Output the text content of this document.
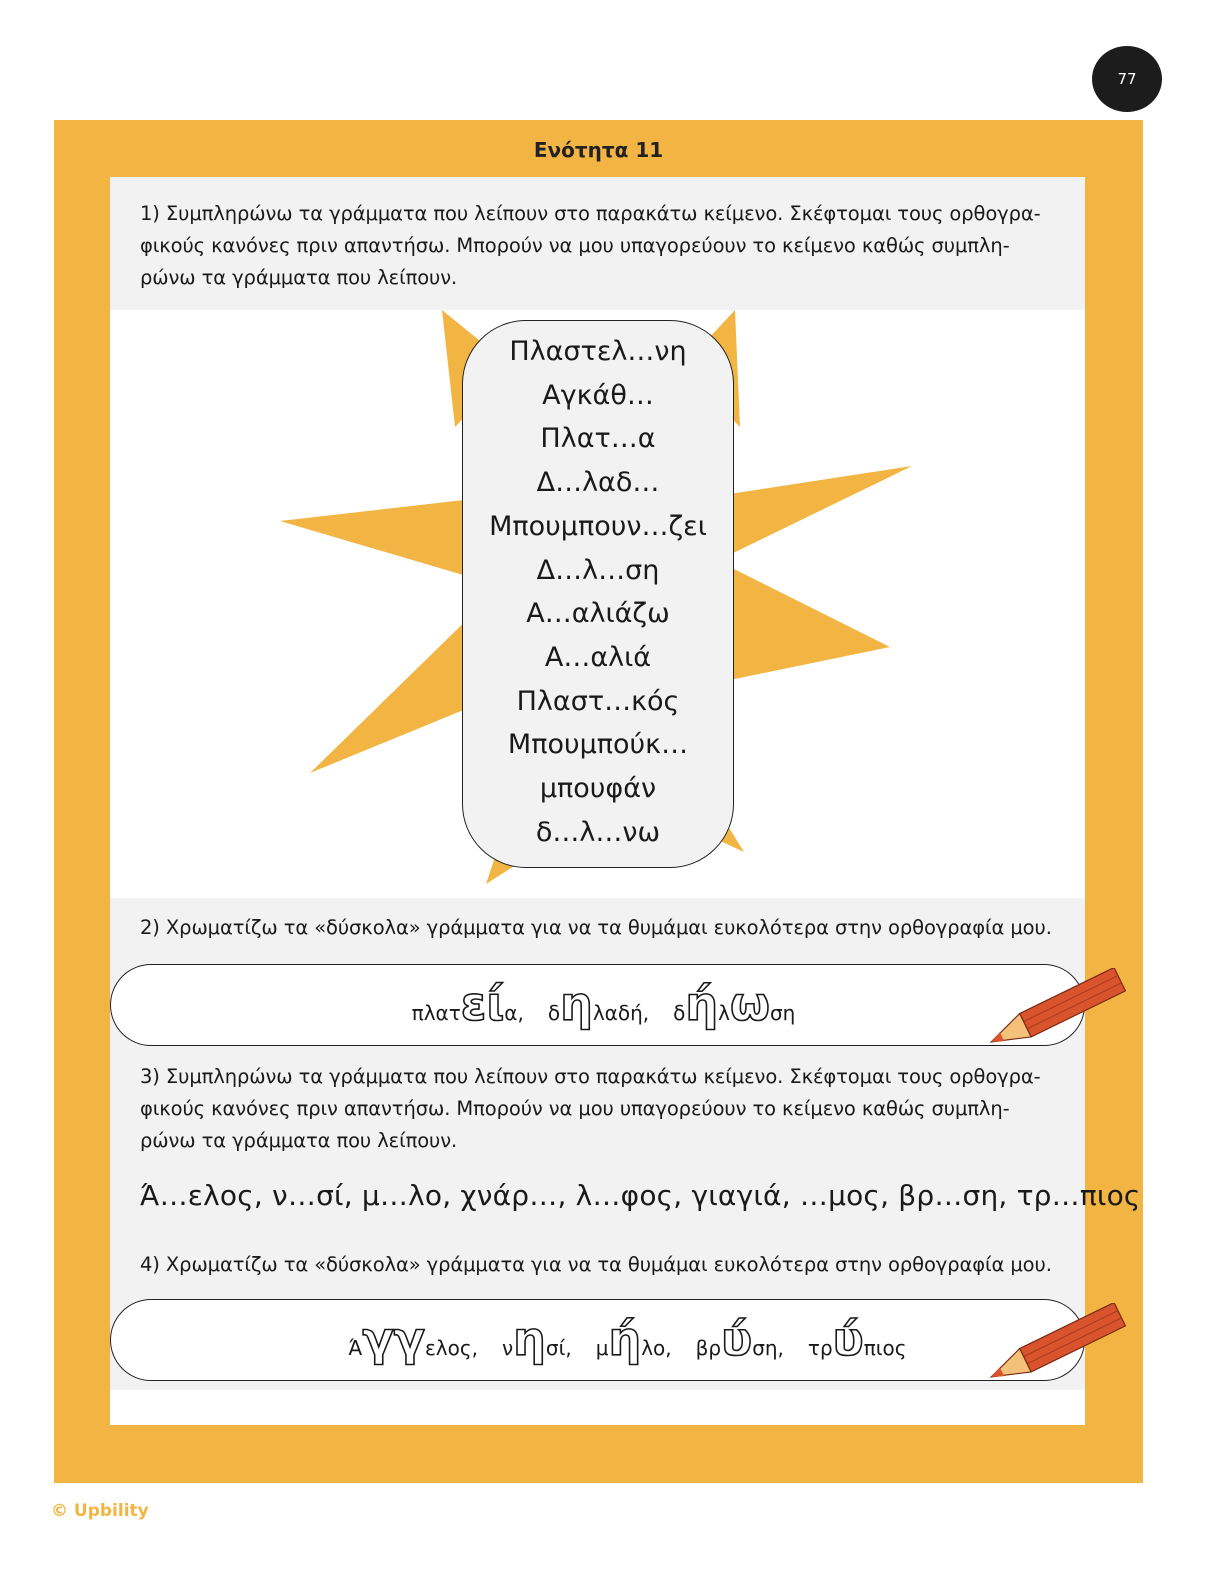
77
Ενότητα 11
1) Συμπληρώνω τα γράμματα που λείπουν στο παρακάτω κείμενο. Σκέφτομαι τους ορθογρα-
φικούς κανόνες πριν απαντήσω. Μπορούν να μου υπαγορεύουν το κείμενο καθώς συμπλη-
ρώνω τα γράμματα που λείπουν.
Πλαστελ…νη
Αγκάθ…
Πλατ…α
Δ…λαδ…
Μπουμπουν…ζει
Δ…λ…ση
Α…αλιάζω
Α…αλιά
Πλαστ…κός
Μπουμπούκ…
μπουφάν
δ…λ…νω
2) Χρωματίζω τα «δύσκολα» γράμματα για να τα θυμάμαι ευκολότερα στην ορθογραφία μου.
πλατεία, δηλαδή, δήλωση
3) Συμπληρώνω τα γράμματα που λείπουν στο παρακάτω κείμενο. Σκέφτομαι τους ορθογρα-
φικούς κανόνες πριν απαντήσω. Μπορούν να μου υπαγορεύουν το κείμενο καθώς συμπλη-
ρώνω τα γράμματα που λείπουν.
Ά…ελος, ν…σί, μ…λο, χνάρ…, λ…φος, γιαγιά, …μος, βρ…ση, τρ…πιος
4) Χρωματίζω τα «δύσκολα» γράμματα για να τα θυμάμαι ευκολότερα στην ορθογραφία μου.
Άγγελος, νησί, μήλο, βρύση, τρύπιος
© Upbility
